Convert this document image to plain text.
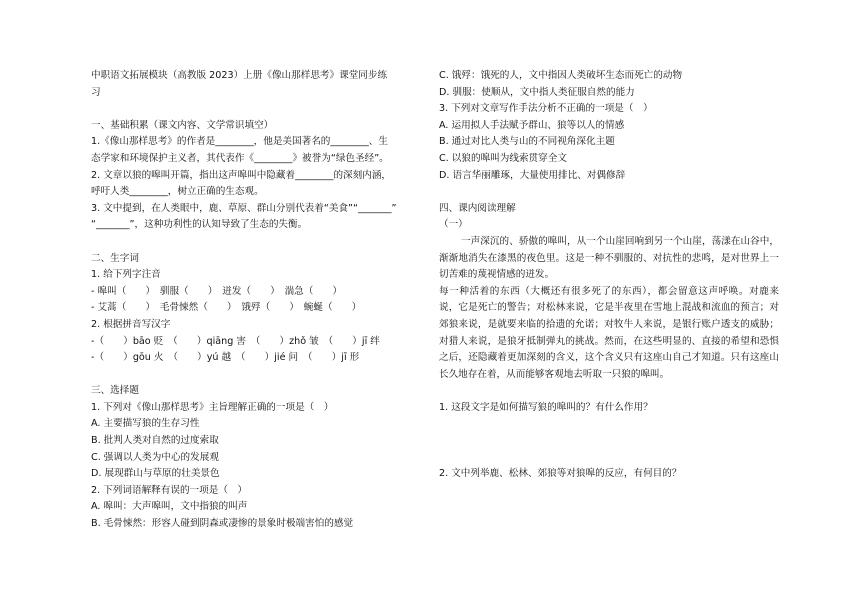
中职语文拓展模块（高教版 2023）上册《像山那样思考》课堂同步练
习
一、基础积累（课文内容、文学常识填空）
1.《像山那样思考》的作者是________，他是美国著名的________、生
态学家和环境保护主义者，其代表作《________》被誉为“绿色圣经”。
2. 文章以狼的嗥叫开篇，指出这声嗥叫中隐藏着________的深刻内涵，
呼吁人类________，树立正确的生态观。
3. 文中提到，在人类眼中，鹿、草原、群山分别代表着“美食”“_______”
“_______”，这种功利性的认知导致了生态的失衡。
二、生字词
1. 给下列字注音
- 嗥叫（　　）　驯服（　　）　迸发（　　）　湍急（　　）
- 艾蒿（　　）　毛骨悚然（　　）　饿殍（　　）　蜿蜒（　　）
2. 根据拼音写汉字
-（　　）bāo 贬　（　　）qiāng 害　（　　）zhǒ 皱　（　　）jī 绊
-（　　）gōu 火　（　　）yú 越　（　　）jié 问　（　　）jī 形
三、选择题
1. 下列对《像山那样思考》主旨理解正确的一项是（　）
A. 主要描写狼的生存习性
B. 批判人类对自然的过度索取
C. 强调以人类为中心的发展观
D. 展现群山与草原的壮美景色
2. 下列词语解释有误的一项是（　）
A. 嗥叫：大声嗥叫，文中指狼的叫声
B. 毛骨悚然：形容人碰到阴森或凄惨的景象时极端害怕的感觉
C. 饿殍：饿死的人，文中指因人类破坏生态而死亡的动物
D. 驯服：使顺从，文中指人类征服自然的能力
3. 下列对文章写作手法分析不正确的一项是（　）
A. 运用拟人手法赋予群山、狼等以人的情感
B. 通过对比人类与山的不同视角深化主题
C. 以狼的嗥叫为线索贯穿全文
D. 语言华丽雕琢，大量使用排比、对偶修辞
四、课内阅读理解
（一）
一声深沉的、骄傲的嗥叫，从一个山崖回响到另一个山崖，荡漾在山谷中，渐渐地消失在漆黑的夜色里。这是一种不驯服的、对抗性的悲鸣，是对世界上一切苦难的蔑视情感的迸发。
每一种活着的东西（大概还有很多死了的东西），都会留意这声呼唤。对鹿来说，它是死亡的警告；对松林来说，它是半夜里在雪地上混战和流血的预言；对郊狼来说，是就要来临的拾遗的允诺；对牧牛人来说，是银行账户透支的威胁；对猎人来说，是狼牙抵制弹丸的挑战。然而，在这些明显的、直接的希望和恐惧之后，还隐藏着更加深刻的含义，这个含义只有这座山自己才知道。只有这座山长久地存在着，从而能够客观地去听取一只狼的嗥叫。
1. 这段文字是如何描写狼的嗥叫的？有什么作用？
2. 文中列举鹿、松林、郊狼等对狼嗥的反应，有何目的？
